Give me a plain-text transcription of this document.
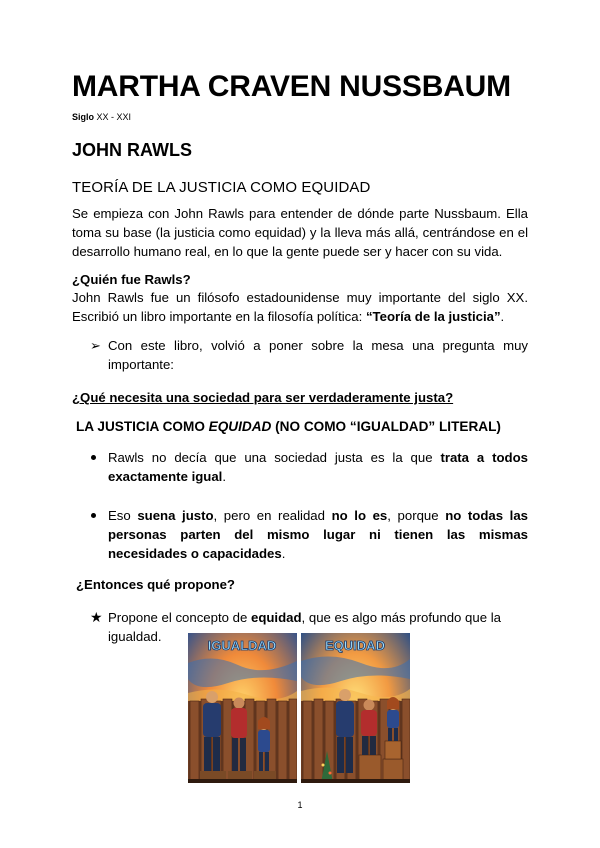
MARTHA CRAVEN NUSSBAUM
Siglo XX - XXI
JOHN RAWLS
TEORÍA DE LA JUSTICIA COMO EQUIDAD
Se empieza con John Rawls para entender de dónde parte Nussbaum. Ella toma su base (la justicia como equidad) y la lleva más allá, centrándose en el desarrollo humano real, en lo que la gente puede ser y hacer con su vida.
¿Quién fue Rawls?
John Rawls fue un filósofo estadounidense muy importante del siglo XX. Escribió un libro importante en la filosofía política: “Teoría de la justicia”.
➢ Con este libro, volvió a poner sobre la mesa una pregunta muy importante:
¿Qué necesita una sociedad para ser verdaderamente justa?
LA JUSTICIA COMO EQUIDAD (NO COMO “IGUALDAD” LITERAL)
Rawls no decía que una sociedad justa es la que trata a todos exactamente igual.
Eso suena justo, pero en realidad no lo es, porque no todas las personas parten del mismo lugar ni tienen las mismas necesidades o capacidades.
¿Entonces qué propone?
★ Propone el concepto de equidad, que es algo más profundo que la igualdad.
IGUALDAD	EQUIDAD
1
